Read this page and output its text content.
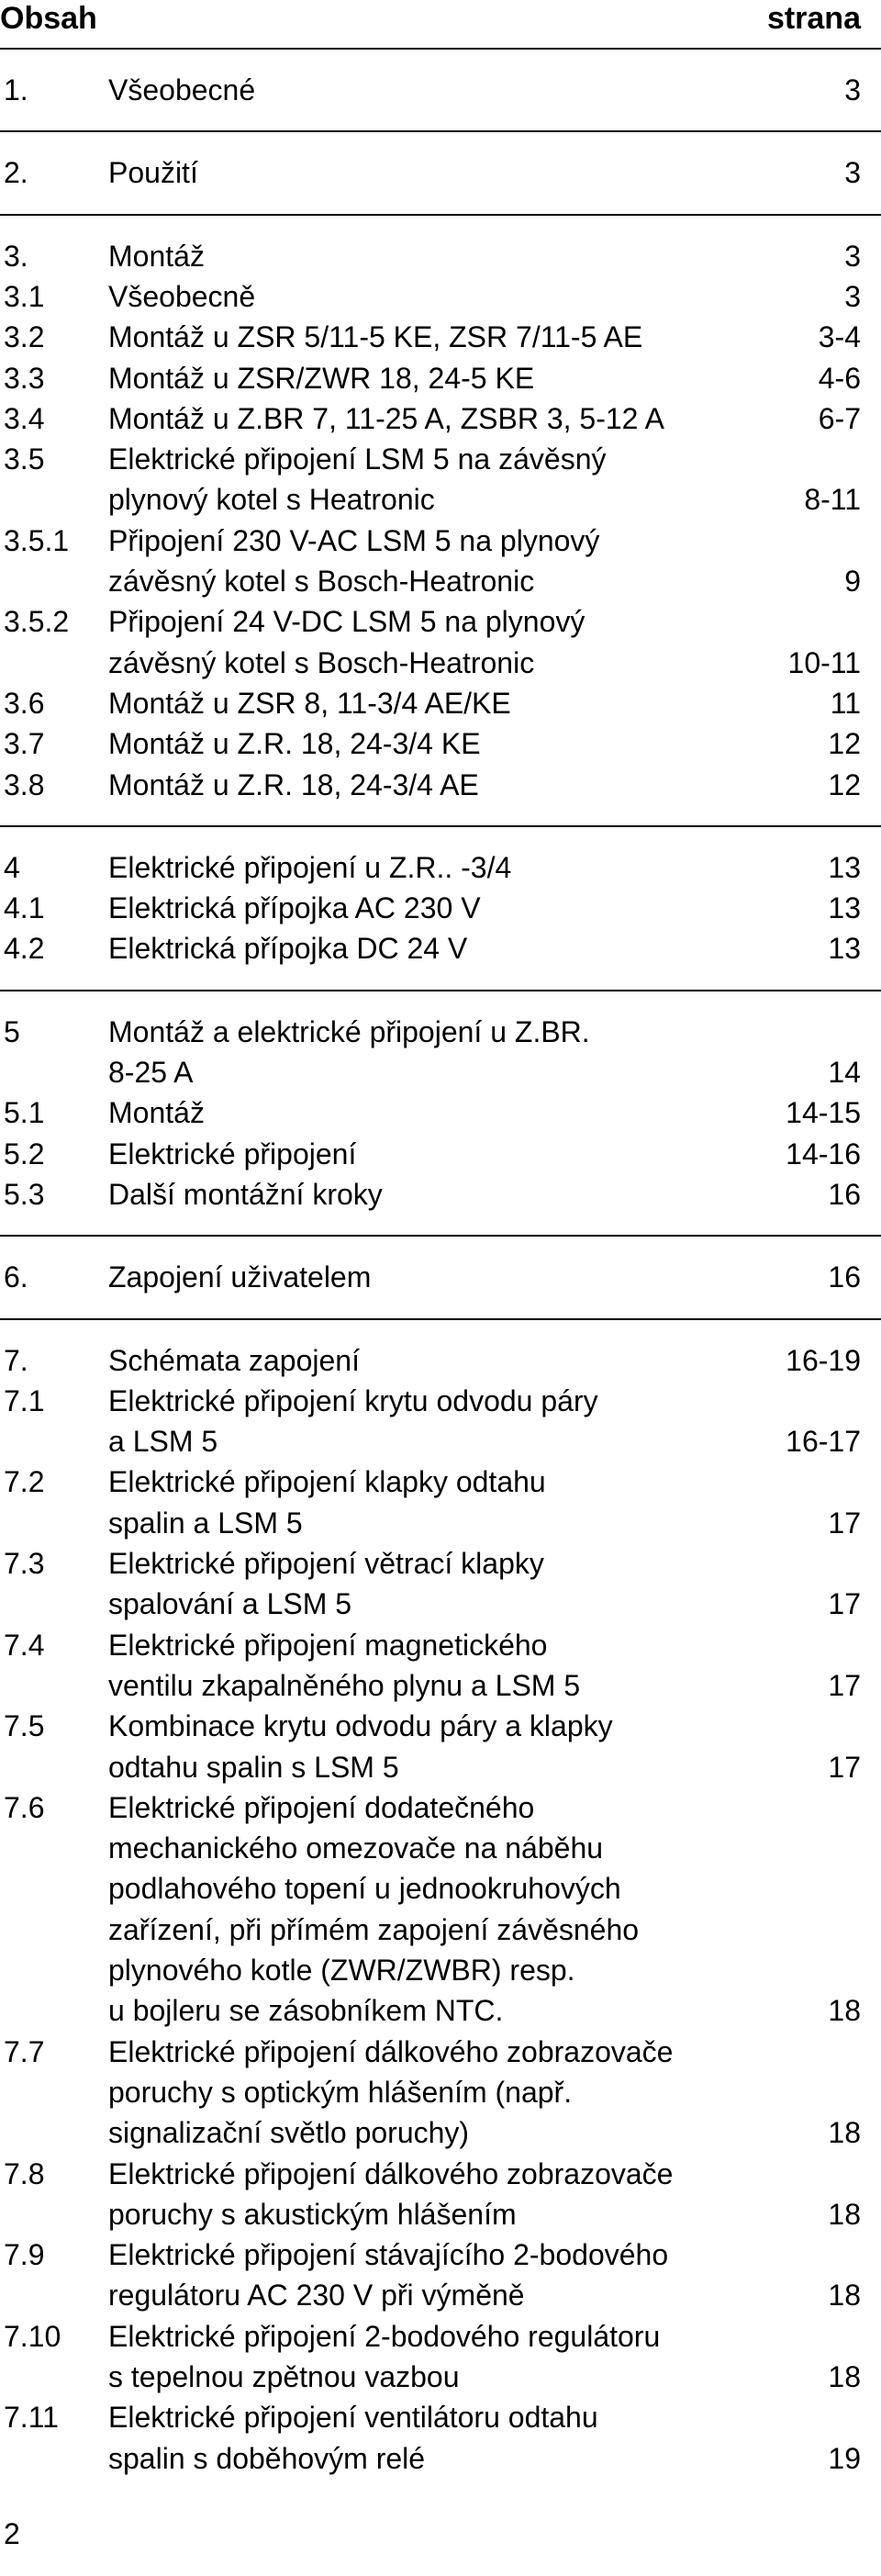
Obsah	strana
1.	Všeobecné	3
2.	Použití	3
3.	Montáž	3
3.1 Všeobecně	3
3.2 Montáž u ZSR 5/11-5 KE, ZSR 7/11-5 AE	3-4
3.3 Montáž u ZSR/ZWR 18, 24-5 KE	4-6
3.4 Montáž u Z.BR 7, 11-25 A, ZSBR 3, 5-12 A	6-7
3.5 Elektrické připojení LSM 5 na závěsný
plynový kotel s Heatronic	8-11
3.5.1 Připojení 230 V-AC LSM 5 na plynový
závěsný kotel s Bosch-Heatronic	9
3.5.2 Připojení 24 V-DC LSM 5 na plynový
závěsný kotel s Bosch-Heatronic	10-11
3.6 Montáž u ZSR 8, 11-3/4 AE/KE	11
3.7 Montáž u Z.R. 18, 24-3/4 KE	12
3.8 Montáž u Z.R. 18, 24-3/4 AE	12
4	Elektrické připojení u Z.R.. -3/4	13
4.1 Elektrická přípojka AC 230 V	13
4.2 Elektrická přípojka DC 24 V	13
5	Montáž a elektrické připojení u Z.BR.
8-25 A	14
5.1 Montáž	14-15
5.2 Elektrické připojení	14-16
5.3 Další montážní kroky	16
6.	Zapojení uživatelem	16
7.	Schémata zapojení	16-19
7.1 Elektrické připojení krytu odvodu páry
a LSM 5	16-17
7.2 Elektrické připojení klapky odtahu
spalin a LSM 5	17
7.3 Elektrické připojení větrací klapky
spalování a LSM 5	17
7.4 Elektrické připojení magnetického
ventilu zkapalněného plynu a LSM 5	17
7.5 Kombinace krytu odvodu páry a klapky
odtahu spalin s LSM 5	17
7.6 Elektrické připojení dodatečného
mechanického omezovače na náběhu
podlahového topení u jednookruhových
zařízení, při přímém zapojení závěsného
plynového kotle (ZWR/ZWBR) resp.
u bojleru se zásobníkem NTC.	18
7.7 Elektrické připojení dálkového zobrazovače
poruchy s optickým hlášením (např.
signalizační světlo poruchy)	18
7.8 Elektrické připojení dálkového zobrazovače
poruchy s akustickým hlášením	18
7.9 Elektrické připojení stávajícího 2-bodového
regulátoru AC 230 V při výměně	18
7.10 Elektrické připojení 2-bodového regulátoru
s tepelnou zpětnou vazbou	18
7.11 Elektrické připojení ventilátoru odtahu
spalin s doběhovým relé	19
2
